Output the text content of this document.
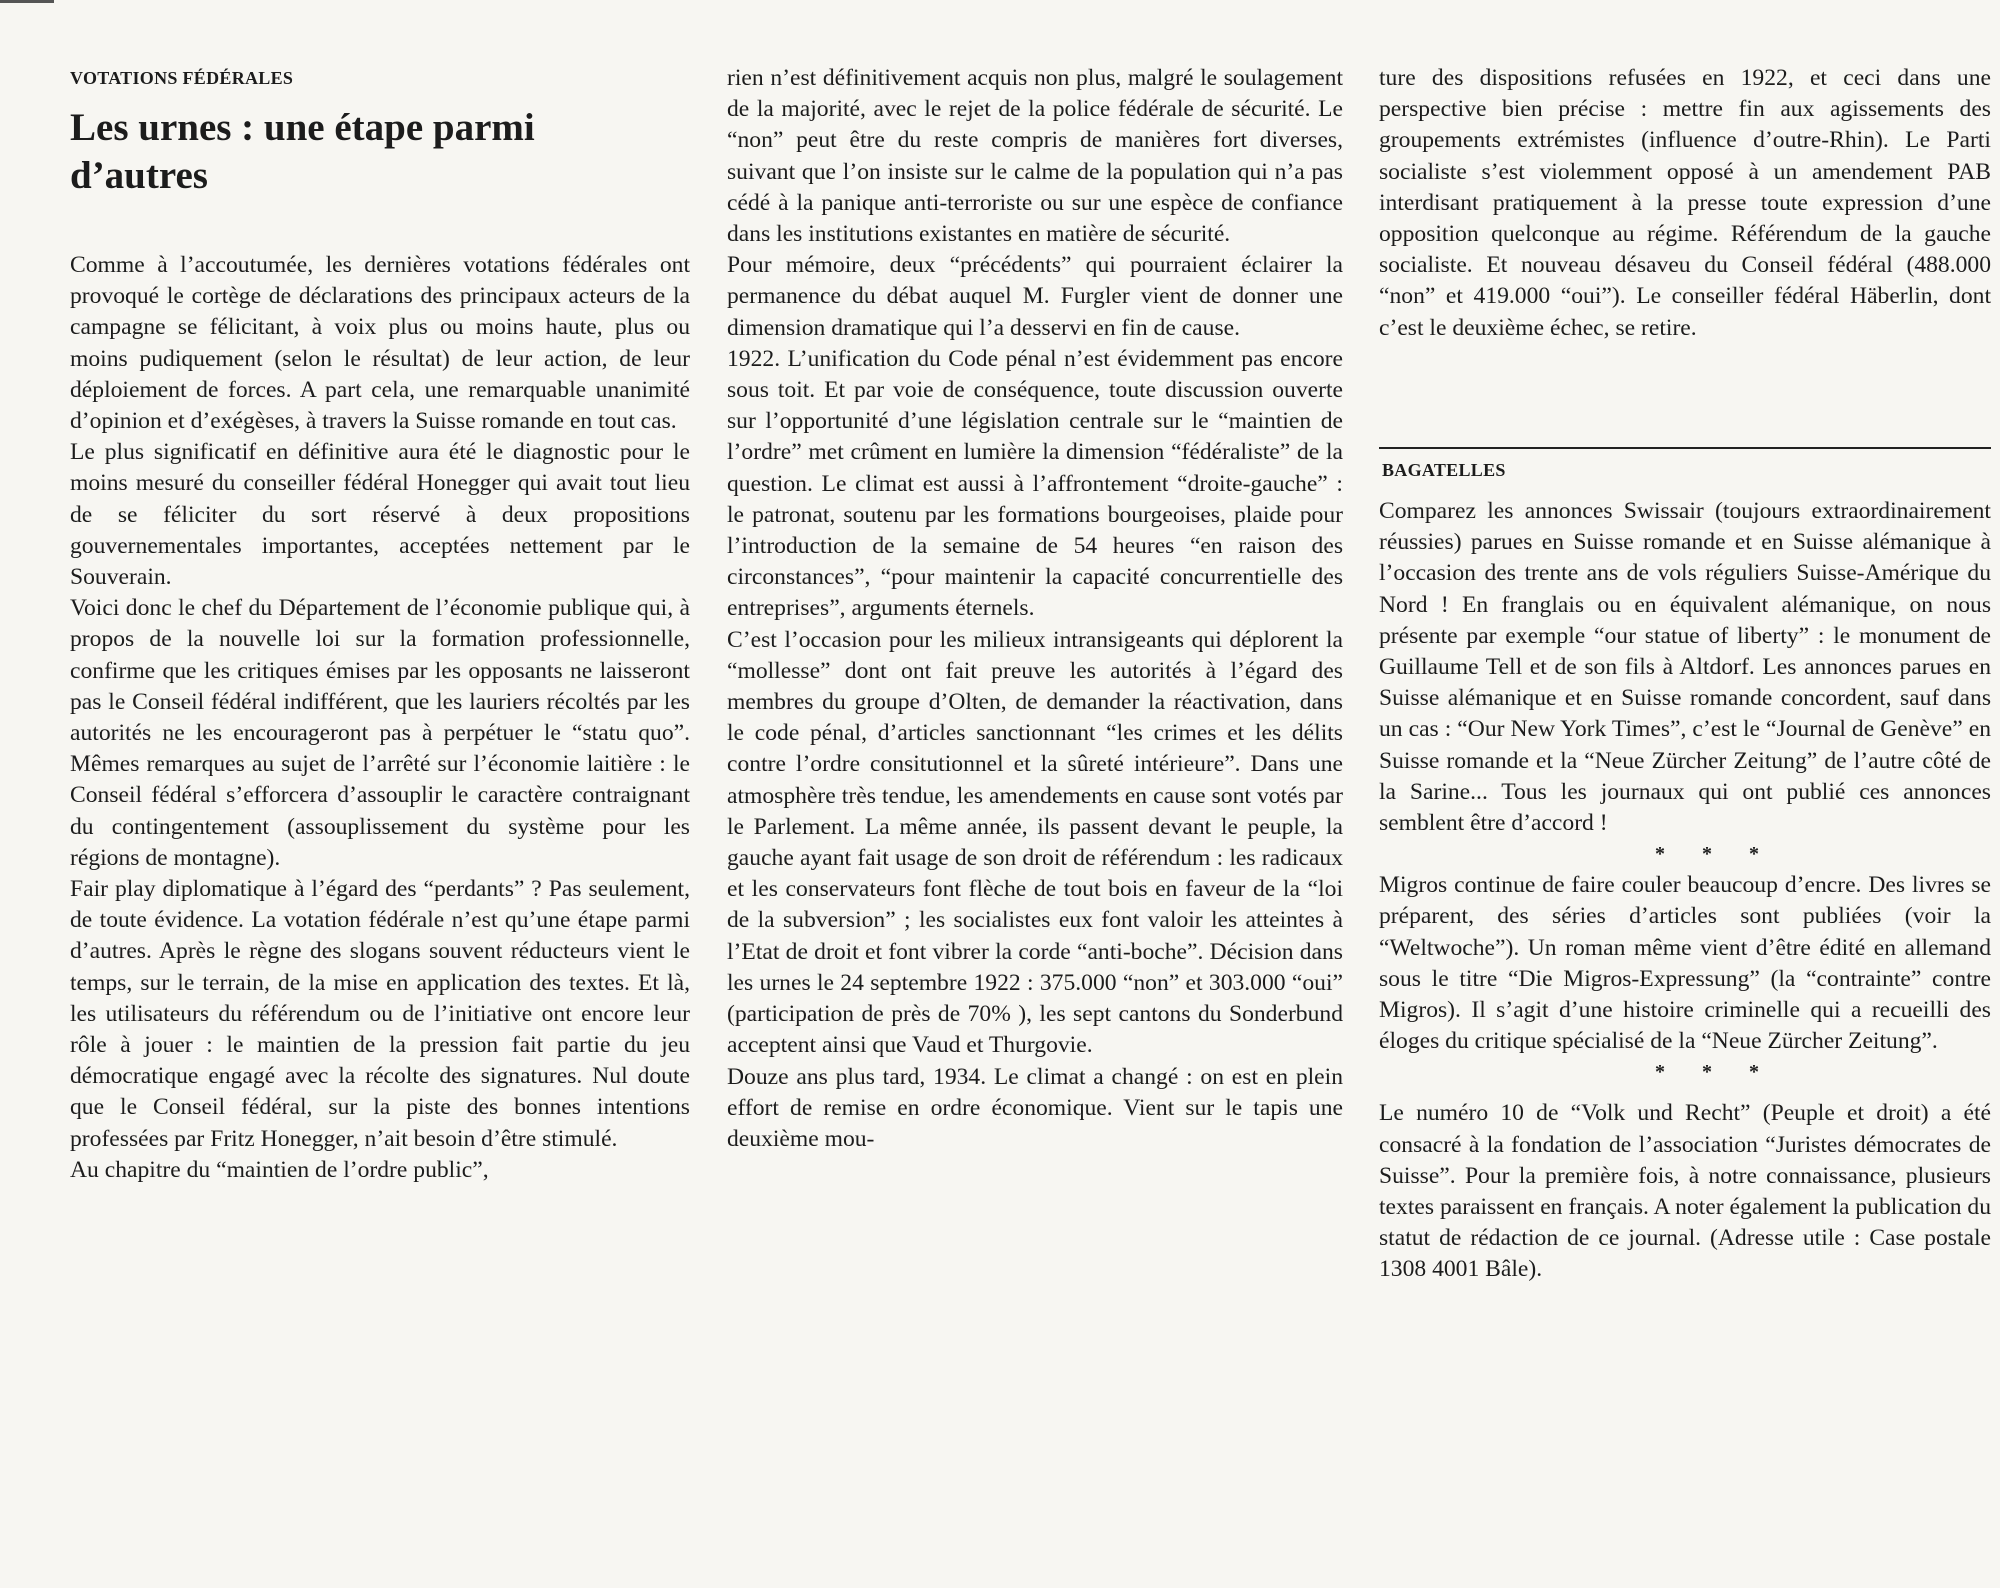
VOTATIONS FÉDÉRALES
Les urnes : une étape parmi d’autres

Comme à l’accoutumée, les dernières votations fédérales ont provoqué le cortège de déclarations des principaux acteurs de la campagne se félicitant, à voix plus ou moins haute, plus ou moins pudiquement (selon le résultat) de leur action, de leur déploiement de forces. A part cela, une remarquable unanimité d’opinion et d’exégèses, à travers la Suisse romande en tout cas.

Le plus significatif en définitive aura été le diagnostic pour le moins mesuré du conseiller fédéral Honegger qui avait tout lieu de se féliciter du sort réservé à deux propositions gouvernementales importantes, acceptées nettement par le Souverain.

Voici donc le chef du Département de l’économie publique qui, à propos de la nouvelle loi sur la formation professionnelle, confirme que les critiques émises par les opposants ne laisseront pas le Conseil fédéral indifférent, que les lauriers récoltés par les autorités ne les encourageront pas à perpétuer le “statu quo”. Mêmes remarques au sujet de l’arrêté sur l’économie laitière : le Conseil fédéral s’efforcera d’assouplir le caractère contraignant du contingentement (assouplissement du système pour les régions de montagne).

Fair play diplomatique à l’égard des “perdants” ? Pas seulement, de toute évidence. La votation fédérale n’est qu’une étape parmi d’autres. Après le règne des slogans souvent réducteurs vient le temps, sur le terrain, de la mise en application des textes. Et là, les utilisateurs du référendum ou de l’initiative ont encore leur rôle à jouer : le maintien de la pression fait partie du jeu démocratique engagé avec la récolte des signatures. Nul doute que le Conseil fédéral, sur la piste des bonnes intentions professées par Fritz Honegger, n’ait besoin d’être stimulé.

Au chapitre du “maintien de l’ordre public”,

rien n’est définitivement acquis non plus, malgré le soulagement de la majorité, avec le rejet de la police fédérale de sécurité. Le “non” peut être du reste compris de manières fort diverses, suivant que l’on insiste sur le calme de la population qui n’a pas cédé à la panique anti-terroriste ou sur une espèce de confiance dans les institutions existantes en matière de sécurité.

Pour mémoire, deux “précédents” qui pourraient éclairer la permanence du débat auquel M. Furgler vient de donner une dimension dramatique qui l’a desservi en fin de cause.

1922. L’unification du Code pénal n’est évidemment pas encore sous toit. Et par voie de conséquence, toute discussion ouverte sur l’opportunité d’une législation centrale sur le “maintien de l’ordre” met crûment en lumière la dimension “fédéraliste” de la question. Le climat est aussi à l’affrontement “droite-gauche” : le patronat, soutenu par les formations bourgeoises, plaide pour l’introduction de la semaine de 54 heures “en raison des circonstances”, “pour maintenir la capacité concurrentielle des entreprises”, arguments éternels.

C’est l’occasion pour les milieux intransigeants qui déplorent la “mollesse” dont ont fait preuve les autorités à l’égard des membres du groupe d’Olten, de demander la réactivation, dans le code pénal, d’articles sanctionnant “les crimes et les délits contre l’ordre consitutionnel et la sûreté intérieure”. Dans une atmosphère très tendue, les amendements en cause sont votés par le Parlement. La même année, ils passent devant le peuple, la gauche ayant fait usage de son droit de référendum : les radicaux et les conservateurs font flèche de tout bois en faveur de la “loi de la subversion” ; les socialistes eux font valoir les atteintes à l’Etat de droit et font vibrer la corde “anti-boche”. Décision dans les urnes le 24 septembre 1922 : 375.000 “non” et 303.000 “oui” (participation de près de 70% ), les sept cantons du Sonderbund acceptent ainsi que Vaud et Thurgovie.

Douze ans plus tard, 1934. Le climat a changé : on est en plein effort de remise en ordre économique. Vient sur le tapis une deuxième mou-

ture des dispositions refusées en 1922, et ceci dans une perspective bien précise : mettre fin aux agissements des groupements extrémistes (influence d’outre-Rhin). Le Parti socialiste s’est violemment opposé à un amendement PAB interdisant pratiquement à la presse toute expression d’une opposition quelconque au régime. Référendum de la gauche socialiste. Et nouveau désaveu du Conseil fédéral (488.000 “non” et 419.000 “oui”). Le conseiller fédéral Häberlin, dont c’est le deuxième échec, se retire.

BAGATELLES

Comparez les annonces Swissair (toujours extraordinairement réussies) parues en Suisse romande et en Suisse alémanique à l’occasion des trente ans de vols réguliers Suisse-Amérique du Nord ! En franglais ou en équivalent alémanique, on nous présente par exemple “our statue of liberty” : le monument de Guillaume Tell et de son fils à Altdorf. Les annonces parues en Suisse alémanique et en Suisse romande concordent, sauf dans un cas : “Our New York Times”, c’est le “Journal de Genève” en Suisse romande et la “Neue Zürcher Zeitung” de l’autre côté de la Sarine... Tous les journaux qui ont publié ces annonces semblent être d’accord !

* * *

Migros continue de faire couler beaucoup d’encre. Des livres se préparent, des séries d’articles sont publiées (voir la “Weltwoche”). Un roman même vient d’être édité en allemand sous le titre “Die Migros-Expressung” (la “contrainte” contre Migros). Il s’agit d’une histoire criminelle qui a recueilli des éloges du critique spécialisé de la “Neue Zürcher Zeitung”.

* * *

Le numéro 10 de “Volk und Recht” (Peuple et droit) a été consacré à la fondation de l’association “Juristes démocrates de Suisse”. Pour la première fois, à notre connaissance, plusieurs textes paraissent en français. A noter également la publication du statut de rédaction de ce journal. (Adresse utile : Case postale 1308 4001 Bâle).
